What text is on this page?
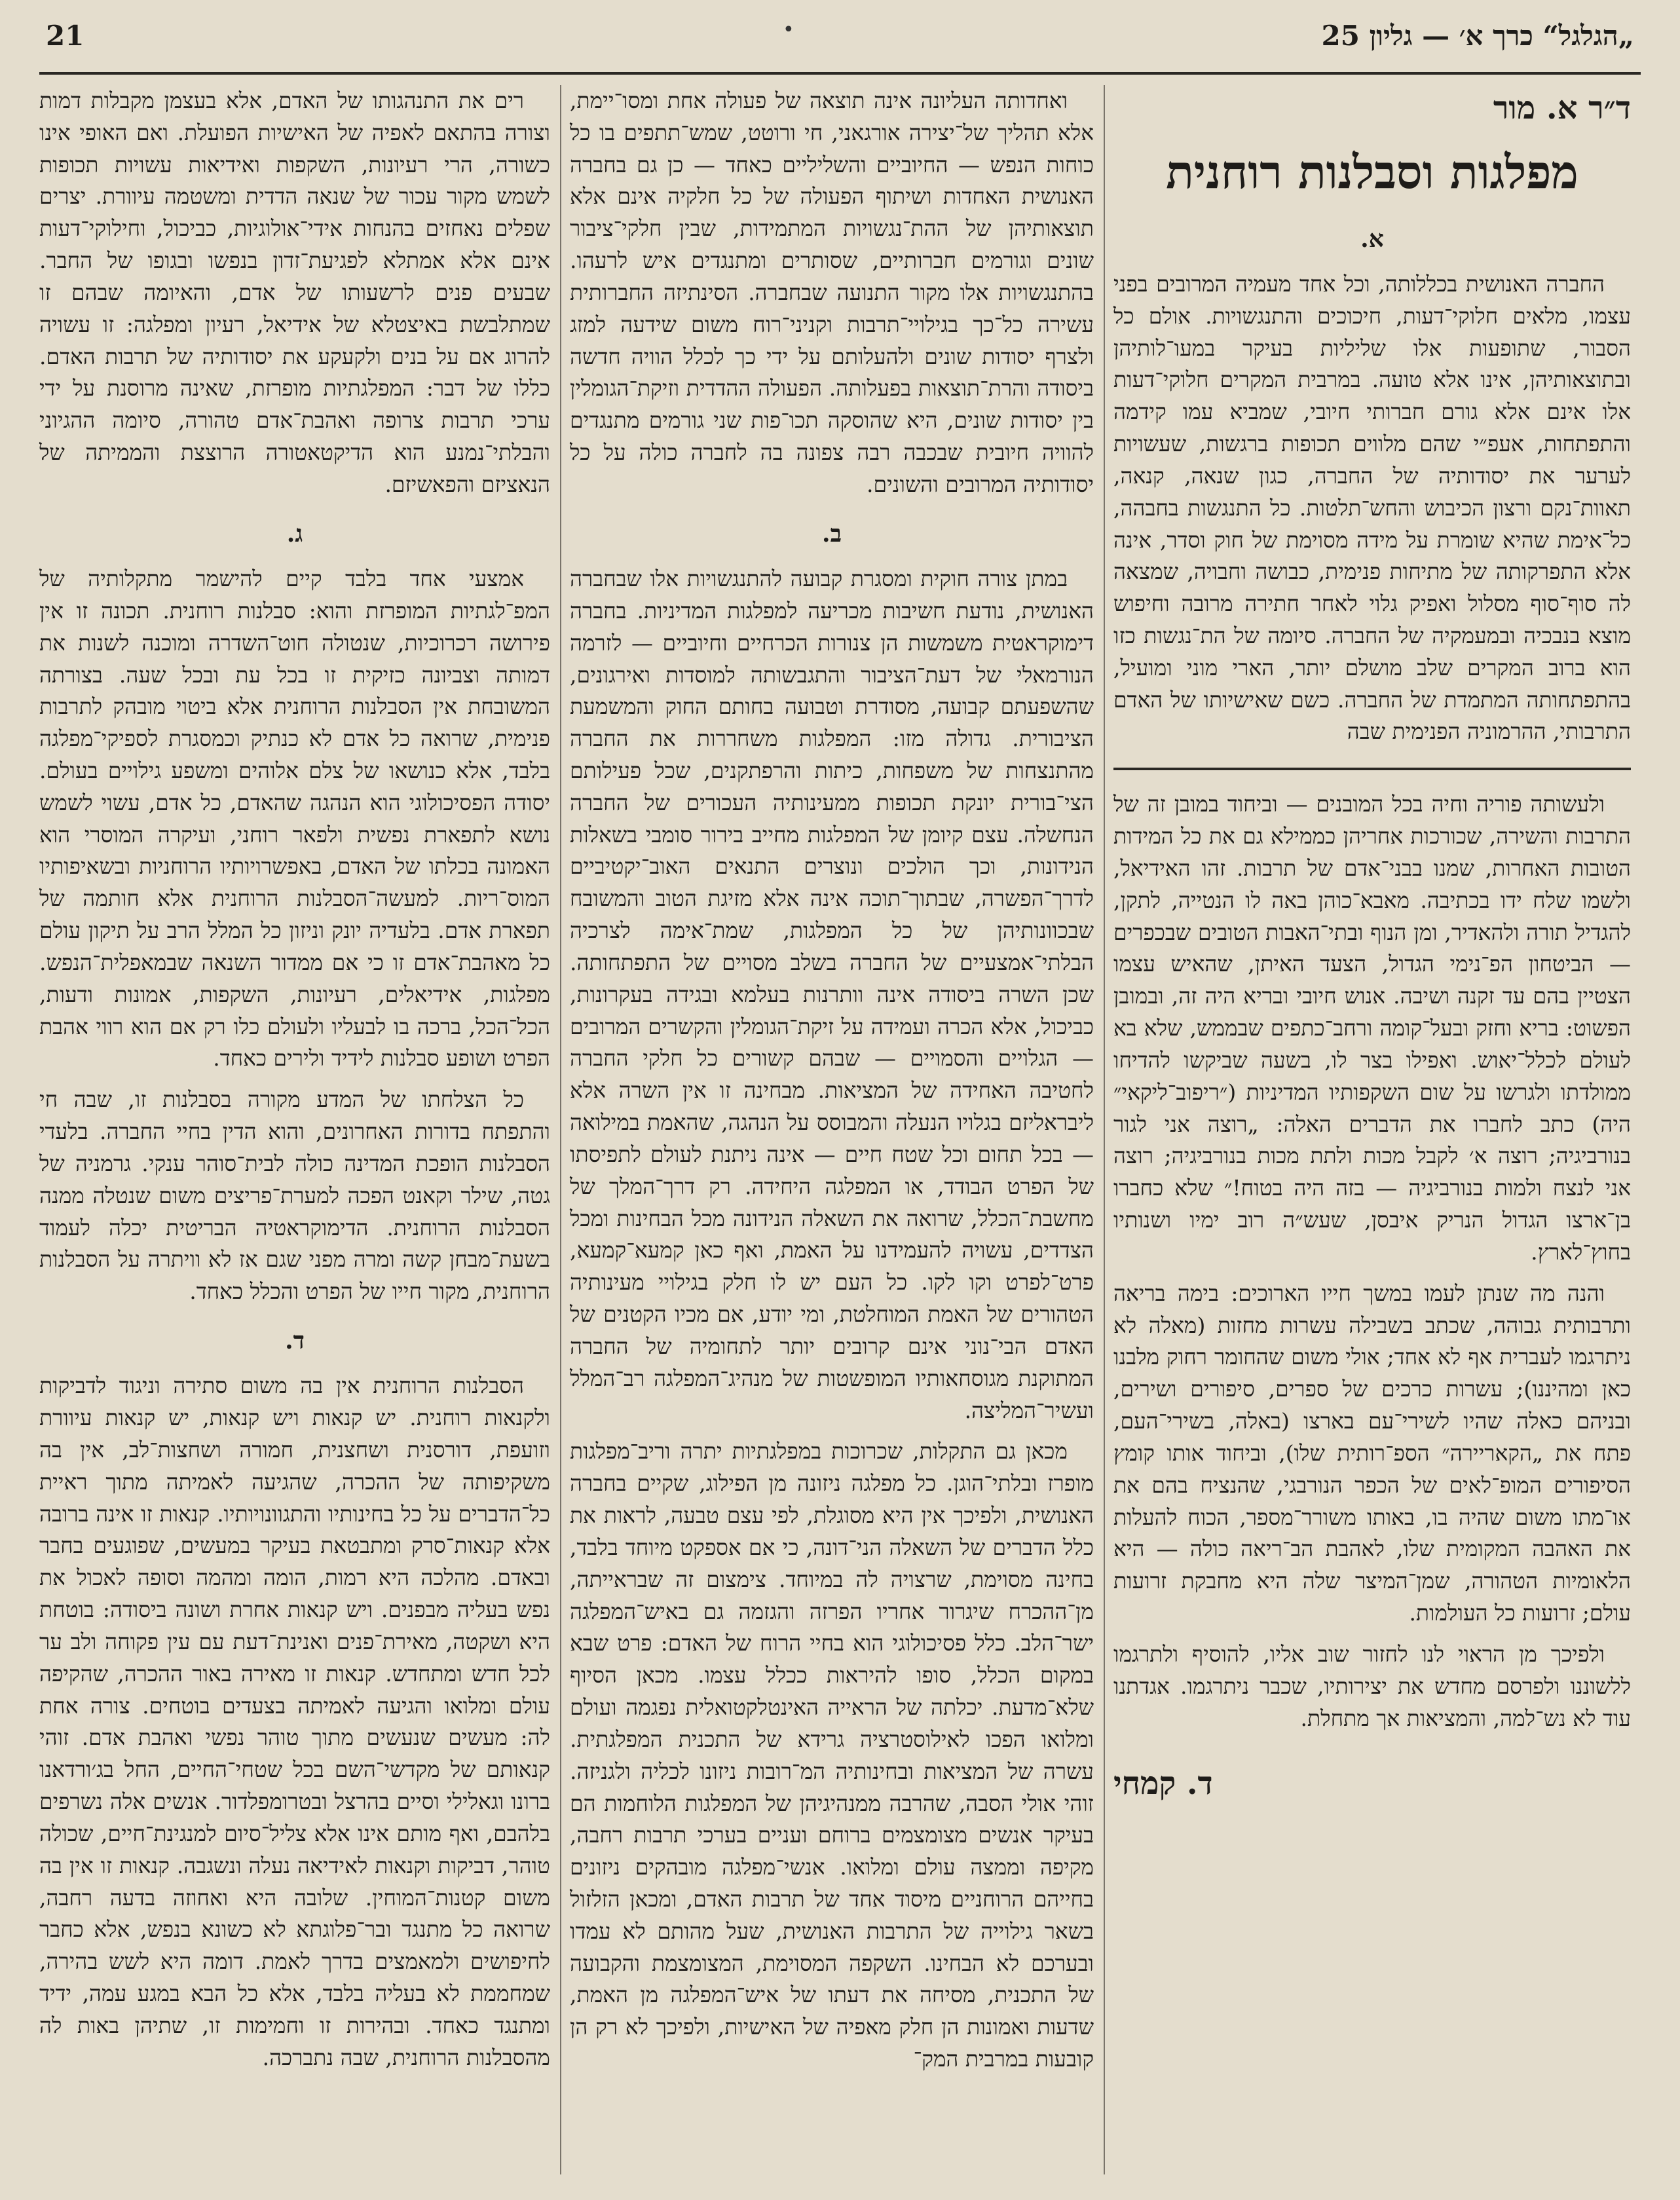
21	•	„הגלגל“ כרך א׳ — גליון 25
ד״ר א. מור
מפלגות וסבלנות רוחנית
א.

החברה האנושית בכללותה, וכל אחד מעמיה המרובים בפני עצמו, מלאים חלוקי־דעות, חיכוכים והתנגשויות. אולם כל הסבור, שתופעות אלו שליליות בעיקר במעו־לותיהן ובתוצאותיהן, אינו אלא טועה. במרבית המקרים חלוקי־דעות אלו אינם אלא גורם חברותי חיובי, שמביא עמו קידמה והתפתחות, אעפ״י שהם מלווים תכופות ברגשות, שעשויות לערער את יסודותיה של החברה, כגון שנאה, קנאה, תאוות־נקם ורצון הכיבוש והחש־תלטות. כל התנגשות בחבהה, כל־אימת שהיא שומרת על מידה מסוימת של חוק וסדר, אינה אלא התפרקותה של מתיחות פנימית, כבושה וחבויה, שמצאה לה סוף־סוף מסלול ואפיק גלוי לאחר חתירה מרובה וחיפוש מוצא בנבכיה ובמעמקיה של החברה. סיומה של הת־נגשות כזו הוא ברוב המקרים שלב מושלם יותר, הארי מוני ומועיל, בהתפתחותה המתמדת של החברה. כשם שאישיותו של האדם התרבותי, ההרמוניה הפנימית שבה

ולעשותה פוריה וחיה בכל המובנים — וביחוד במובן זה של התרבות והשירה, שכורכות אחריהן כממילא גם את כל המידות הטובות האחרות, שמנו בבני־אדם של תרבות. זהו האידיאל, ולשמו שלח ידו בכתיבה. מאבא־כוהן באה לו הנטייה, לתקן, להגדיל תורה ולהאדיר, ומן הנוף ובתי־האבות הטובים שבכפרים — הביטחון הפ־נימי הגדול, הצעד האיתן, שהאיש עצמו הצטיין בהם עד זקנה ושיבה. אנוש חיובי ובריא היה זה, ובמובן הפשוט: בריא וחזק ובעל־קומה ורחב־כתפים שבממש, שלא בא לעולם לכלל־יאוש. ואפילו בצר לו, בשעה שביקשו להדיחו ממולדתו ולגרשו על שום השקפותיו המדיניות (״ריפוב־ליקאי״ היה) כתב לחברו את הדברים האלה: „רוצה אני לגור בנורביגיה; רוצה א׳ לקבל מכות ולתת מכות בנורביגיה; רוצה אני לנצח ולמות בנורביגיה — בזה היה בטוח!״ שלא כחברו בן־ארצו הגדול הנריק איבסן, שעש״ה רוב ימיו ושנותיו בחוץ־לארץ.

והנה מה שנתן לעמו במשך חייו הארוכים: בימה בריאה ותרבותית גבוהה, שכתב בשבילה עשרות מחזות (מאלה לא ניתרגמו לעברית אף לא אחד; אולי משום שהחומר רחוק מלבנו כאן ומהיננו); עשרות כרכים של ספרים, סיפורים ושירים, ובניהם כאלה שהיו לשירי־עם בארצו (באלה, בשירי־העם, פתח את „הקאריירה״ הספ־רותית שלו), וביחוד אותו קומץ הסיפורים המופ־לאים של הכפר הנורבגי, שהנציח בהם את או־מתו משום שהיה בו, באותו משורר־מספר, הכוח להעלות את האהבה המקומית שלו, לאהבת הב־ריאה כולה — היא הלאומיות הטהורה, שמן־המיצר שלה היא מחבקת זרועות עולם; זרועות כל העולמות.

ולפיכך מן הראוי לנו לחזור שוב אליו, להוסיף ולתרגמו ללשוננו ולפרסם מחדש את יצירותיו, שכבר ניתרגמו. אגדתנו עוד לא נש־למה, והמציאות אך מתחלת.

ד. קמחי

ואחדותה העליונה אינה תוצאה של פעולה אחת ומסו־יימת, אלא תהליך של־יצירה אורגאני, חי ורוטט, שמש־תתפים בו כל כוחות הנפש — החיוביים והשליליים כאחד — כן גם בחברה האנושית האחדות ושיתוף הפעולה של כל חלקיה אינם אלא תוצאותיהן של ההת־נגשויות המתמידות, שבין חלקי־ציבור שונים וגורמים חברותיים, שסותרים ומתנגדים איש לרעהו. בהתנגשויות אלו מקור התנועה שבחברה. הסינתיזה החברותית עשירה כל־כך בגילויי־תרבות וקניני־רוח משום שידעה למזג ולצרף יסודות שונים ולהעלותם על ידי כך לכלל הוויה חדשה ביסודה והרת־תוצאות בפעלותה. הפעולה ההדדית וזיקת־הגומלין בין יסודות שונים, היא שהוסקה תכו־פות שני גורמים מתנגדים להוויה חיובית שבכבה רבה צפונה בה לחברה כולה על כל יסודותיה המרובים והשונים.

ב.

במתן צורה חוקית ומסגרת קבועה להתנגשויות אלו שבחברה האנושית, נודעת חשיבות מכריעה למפלגות המדיניות. בחברה דימוקראטית משמשות הן צנורות הכרחיים וחיוביים — לזרמה הנורמאלי של דעת־הציבור והתגבשותה למוסדות ואירגונים, שהשפעתם קבועה, מסודרת וטבועה בחותם החוק והמשמעת הציבורית. גדולה מזו: המפלגות משחררות את החברה מהתנצחות של משפחות, כיתות והרפתקנים, שכל פעילותם הצי־בורית יונקת תכופות ממעינותיה העכורים של החברה הנחשלה. עצם קיומן של המפלגות מחייב בירור סומבי בשאלות הנידונות, וכך הולכים ונוצרים התנאים האוב־יקטיביים לדרך־הפשרה, שבתוך־תוכה אינה אלא מזיגת הטוב והמשובח שבכוונותיהן של כל המפלגות, שמת־אימה לצרכיה הבלתי־אמצעיים של החברה בשלב מסויים של התפתחותה. שכן השרה ביסודה אינה וותרנות בעלמא ובגידה בעקרונות, כביכול, אלא הכרה ועמידה על זיקת־הגומלין והקשרים המרובים — הגלויים והסמויים — שבהם קשורים כל חלקי החברה לחטיבה האחידה של המציאות. מבחינה זו אין השרה אלא ליבראליזם בגלויו הנעלה והמבוסס על הנהגה, שהאמת במילואה — בכל תחום וכל שטח חיים — אינה ניתנת לעולם לתפיסתו של הפרט הבודד, או המפלגה היחידה. רק דרך־המלך של מחשבת־הכלל, שרואה את השאלה הנידונה מכל הבחינות ומכל הצדדים, עשויה להעמידנו על האמת, ואף כאן קמעא־קמעא, פרט־לפרט וקו לקו. כל העם יש לו חלק בגילויי מעינותיה הטהורים של האמת המוחלטת, ומי יודע, אם מכיו הקטנים של האדם הבי־נוני אינם קרובים יותר לתחומיה של החברה המתוקנת מגוסחאותיו המופשטות של מנהיג־המפלגה רב־המלל ועשיר־המליצה.

מכאן גם התקלות, שכרוכות במפלגתיות יתרה וריב־מפלגות מופרז ובלתי־הוגן. כל מפלגה ניזונה מן הפילוג, שקיים בחברה האנושית, ולפיכך אין היא מסוגלת, לפי עצם טבעה, לראות את כלל הדברים של השאלה הני־דונה, כי אם אספקט מיוחד בלבד, בחינה מסוימת, שרצויה לה במיוחד. צימצום זה שבראייתה, מן־ההכרח שיגרור אחריו הפרזה והגזמה גם באיש־המפלגה ישר־הלב. כלל פסיכולוגי הוא בחיי הרוח של האדם: פרט שבא במקום הכלל, סופו להיראות ככלל עצמו. מכאן הסיוף שלא־מדעת. יכלתה של הראייה האינטלקטואלית נפגמה ועולם ומלואו הפכו לאילוסטרציה גרידא של התכנית המפלגתית. עשרה של המציאות ובחינותיה המ־רובות ניזונו לכליה ולגניזה. זוהי אולי הסבה, שהרבה ממנהיגיהן של המפלגות הלוחמות הם בעיקר אנשים מצומצמים ברוחם ועניים בערכי תרבות רחבה, מקיפה וממצה עולם ומלואו. אנשי־מפלגה מובהקים ניזונים בחייהם הרוחניים מיסוד אחד של תרבות האדם, ומכאן הזלזול בשאר גילוייה של התרבות האנושית, שעל מהותם לא עמדו ובערכם לא הבחינו. השקפה המסוימת, המצומצמת והקבועה של התכנית, מסיחה את דעתו של איש־המפלגה מן האמת, שדעות ואמונות הן חלק מאפיה של האישיות, ולפיכך לא רק הן קובעות במרבית המק־

רים את התנהגותו של האדם, אלא בעצמן מקבלות דמות וצורה בהתאם לאפיה של האישיות הפועלת. ואם האופי אינו כשורה, הרי רעיונות, השקפות ואידיאות עשויות תכופות לשמש מקור עכור של שנאה הדדית ומשטמה עיוורת. יצרים שפלים נאחזים בהנחות אידי־אולוגיות, כביכול, וחילוקי־דעות אינם אלא אמתלא לפגיעת־זדון בנפשו ובגופו של החבר. שבעים פנים לרשעותו של אדם, והאיומה שבהם זו שמתלבשת באיצטלא של אידיאל, רעיון ומפלגה: זו עשויה להרוג אם על בנים ולקעקע את יסודותיה של תרבות האדם. כללו של דבר: המפלגתיות מופרזת, שאינה מרוסנת על ידי ערכי תרבות צרופה ואהבת־אדם טהורה, סיומה ההגיוני והבלתי־נמנע הוא הדיקטאטורה הרוצצת והממיתה של הנאציזם והפאשיזם.

ג.

אמצעי אחד בלבד קיים להישמר מתקלותיה של המפ־לגתיות המופרזת והוא: סבלנות רוחנית. תכונה זו אין פירושה רכרוכיות, שנטולה חוט־השדרה ומוכנה לשנות את דמותה וצביונה כזיקית זו בכל עת ובכל שעה. בצורתה המשובחת אין הסבלנות הרוחנית אלא ביטוי מובהק לתרבות פנימית, שרואה כל אדם לא כנתיק וכמסגרת לספיקי־מפלגה בלבד, אלא כנושאו של צלם אלוהים ומשפע גילויים בעולם. יסודה הפסיכולוגי הוא הנהגה שהאדם, כל אדם, עשוי לשמש נושא לתפארת נפשית ולפאר רוחני, ועיקרה המוסרי הוא האמונה בכלתו של האדם, באפשרויותיו הרוחניות ובשאיפותיו המוס־ריות. למעשה־הסבלנות הרוחנית אלא חותמה של תפארת אדם. בלעדיה יונק וניזון כל המלל הרב על תיקון עולם כל מאהבת־אדם זו כי אם ממדור השנאה שבמאפלית־הנפש. מפלגות, אידיאלים, רעיונות, השקפות, אמונות ודעות, הכל־הכל, ברכה בו לבעליו ולעולם כלו רק אם הוא רווי אהבת הפרט ושופע סבלנות לידיד ולירים כאחד.

כל הצלחתו של המדע מקורה בסבלנות זו, שבה חי והתפתח בדורות האחרונים, והוא הדין בחיי החברה. בלעדי הסבלנות הופכת המדינה כולה לבית־סוהר ענקי. גרמניה של גטה, שילר וקאנט הפכה למערת־פריצים משום שנטלה ממנה הסבלנות הרוחנית. הדימוקראטיה הבריטית יכלה לעמוד בשעת־מבחן קשה ומרה מפני שגם אז לא וויתרה על הסבלנות הרוחנית, מקור חייו של הפרט והכלל כאחד.

ד.

הסבלנות הרוחנית אין בה משום סתירה וניגוד לדביקות ולקנאות רוחנית. יש קנאות ויש קנאות, יש קנאות עיוורת וזועפת, דורסנית ושחצנית, חמורה ושחצות־לב, אין בה משקיפותה של ההכרה, שהגיעה לאמיתה מתוך ראיית כל־הדברים על כל בחינותיו והתגוונויותיו. קנאות זו אינה ברובה אלא קנאות־סרק ומתבטאת בעיקר במעשים, שפוגעים בחבר ובאדם. מהלכה היא רמות, הומה ומהמה וסופה לאכול את נפש בעליה מבפנים. ויש קנאות אחרת ושונה ביסודה: בוטחת היא ושקטה, מאירת־פנים ואנינת־דעת עם עין פקוחה ולב ער לכל חדש ומתחדש. קנאות זו מאירה באור ההכרה, שהקיפה עולם ומלואו והגיעה לאמיתה בצעדים בוטחים. צורה אחת לה: מעשים שנעשים מתוך טוהר נפשי ואהבת אדם. זוהי קנאותם של מקדשי־השם בכל שטחי־החיים, החל בג׳ורדאנו ברונו וגאלילי וסיים בהרצל ובטרומפלדור. אנשים אלה נשרפים בלהבם, ואף מותם אינו אלא צליל־סיום למנגינת־חיים, שכולה טוהר, דביקות וקנאות לאידיאה נעלה ונשגבה. קנאות זו אין בה משום קטנות־המוחין. שלובה היא ואחוזה בדעה רחבה, שרואה כל מתנגד ובר־פלוגתא לא כשונא בנפש, אלא כחבר לחיפושים ולמאמצים בדרך לאמת. דומה היא לשש בהירה, שמחממת לא בעליה בלבד, אלא כל הבא במגע עמה, ידיד ומתנגד כאחד. ובהירות זו וחמימות זו, שתיהן באות לה מהסבלנות הרוחנית, שבה נתברכה.
